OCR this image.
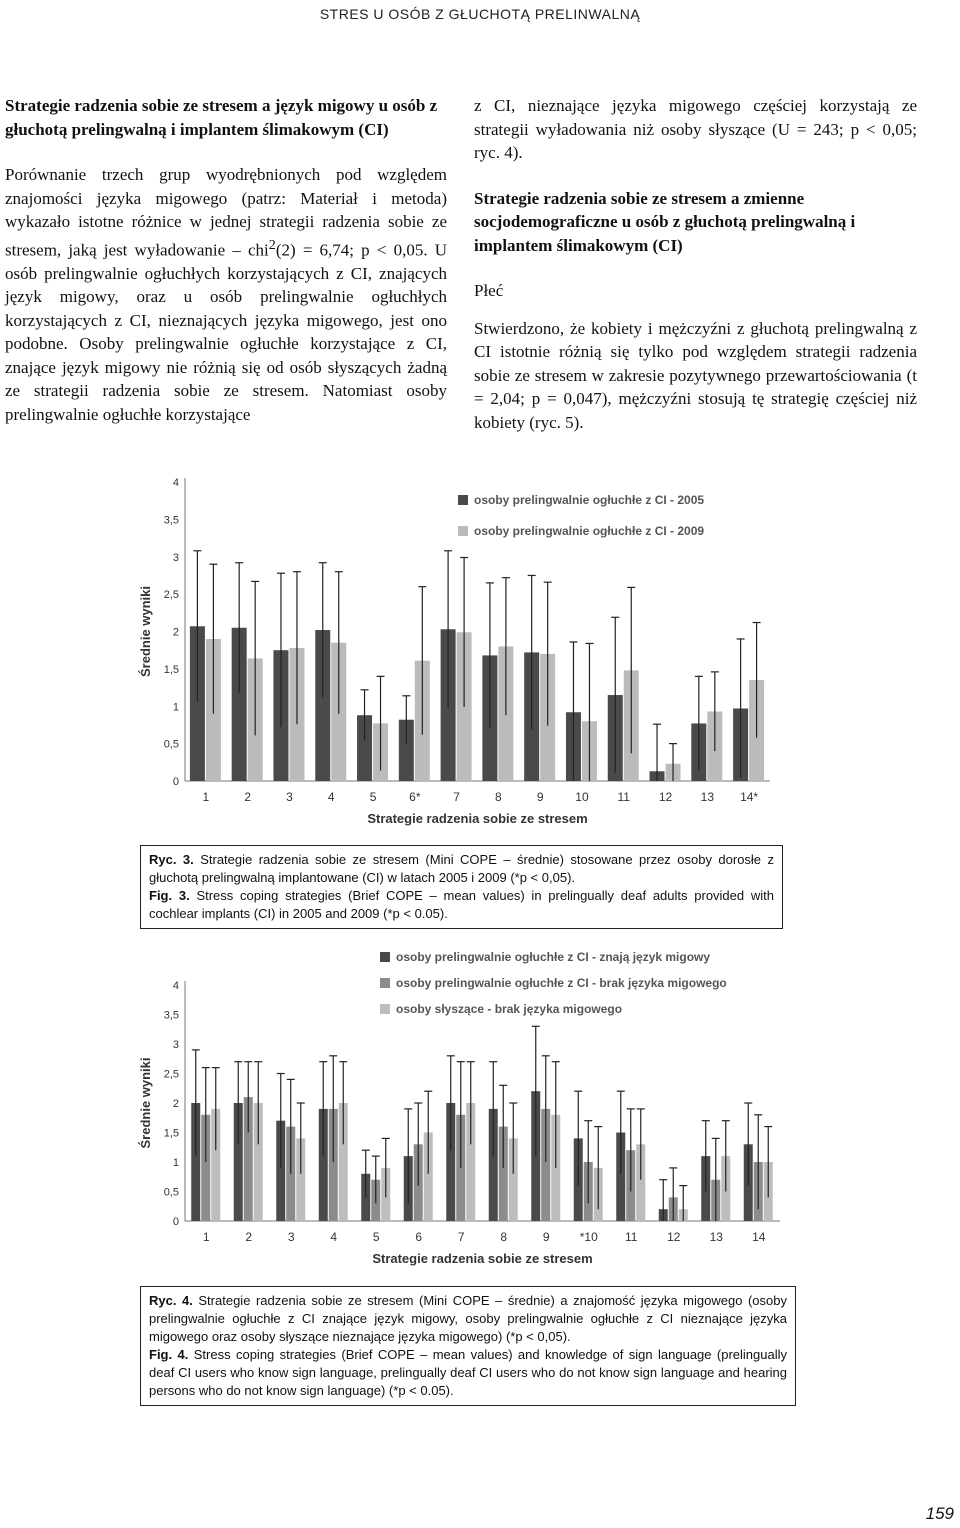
STRES U OSÓB Z GŁUCHOTĄ PRELINWALNĄ

Strategie radzenia sobie ze stresem a język migowy u osób z głuchotą prelingwalną i implantem ślimakowym (CI)

Porównanie trzech grup wyodrębnionych pod względem znajomości języka migowego (patrz: Materiał i metoda) wykazało istotne różnice w jednej strategii radzenia sobie ze stresem, jaką jest wyładowanie – chi$^2$(2) = 6,74; p < 0,05. U osób prelingwalnie ogłuchłych korzystających z CI, znających język migowy, oraz u osób prelingwalnie ogłuchłych korzystających z CI, nieznających języka migowego, jest ono podobne. Osoby prelingwalnie ogłuchłe korzystające z CI, znające język migowy nie różnią się od osób słyszących żadną ze strategii radzenia sobie ze stresem. Natomiast osoby prelingwalnie ogłuchłe korzystające

z CI, nieznające języka migowego częściej korzystają ze strategii wyładowania niż osoby słyszące (U = 243; p < 0,05; ryc. 4).

Strategie radzenia sobie ze stresem a zmienne socjodemograficzne u osób z głuchotą prelingwalną i implantem ślimakowym (CI)

Płeć

Stwierdzono, że kobiety i mężczyźni z głuchotą prelingwalną z CI istotnie różnią się tylko pod względem strategii radzenia sobie ze stresem w zakresie pozytywnego przewartościowania (t = 2,04; p = 0,047), mężczyźni stosują tę strategię częściej niż kobiety (ryc. 5).

0
0,5
1
1,5
2
2,5
3
3,5
4
Średnie wyniki
1	2	3	4	5	6*	7	8	9	10 11 12 13 14*
Strategie radzenia sobie ze stresem
osoby prelingwalnie ogłuchłe z CI - 2005
osoby prelingwalnie ogłuchłe z CI - 2009
Ryc. 3. Strategie radzenia sobie ze stresem (Mini COPE – średnie) stosowane przez osoby dorosłe z głuchotą prelingwalną implantowane (CI) w latach 2005 i 2009 (*p < 0,05).
Fig. 3. Stress coping strategies (Brief COPE – mean values) in prelingually deaf adults provided with cochlear implants (CI) in 2005 and 2009 (*p < 0.05).
0
0,5
1
1,5
2
2,5
3
3,5
4
Średnie wyniki
1	2	3	4	5	6	7	8	9	*10 11 12 13 14
Strategie radzenia sobie ze stresem
osoby prelingwalnie ogłuchłe z CI - znają język migowy
osoby prelingwalnie ogłuchłe z CI - brak języka migowego
osoby słyszące - brak języka migowego
Ryc. 4. Strategie radzenia sobie ze stresem (Mini COPE – średnie) a znajomość języka migowego (osoby prelingwalnie ogłuchłe z CI znające język migowy, osoby prelingwalnie ogłuchłe z CI nieznające języka migowego oraz osoby słyszące nieznające języka migowego) (*p < 0,05).
Fig. 4. Stress coping strategies (Brief COPE – mean values) and knowledge of sign language (prelingually deaf CI users who know sign language, prelingually deaf CI users who do not know sign language and hearing persons who do not know sign language) (*p < 0.05).
159
